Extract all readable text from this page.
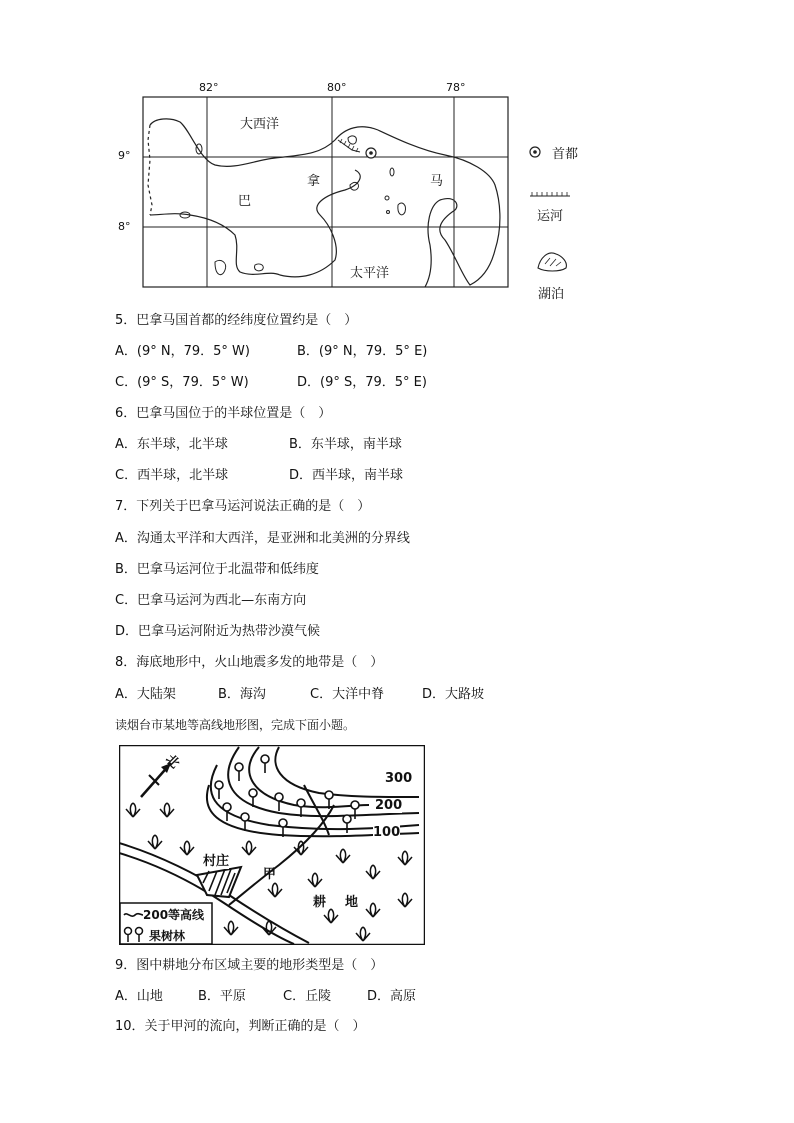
82°	80°	78°
9°
8°
大西洋
巴
拿	马
太平洋
首都
运河
湖泊
5．巴拿马国首都的经纬度位置约是（　）
A．(9° N，79．5° W)	B．(9° N，79．5° E)
C．(9° S，79．5° W)	D．(9° S，79．5° E)
6．巴拿马国位于的半球位置是（　）
A．东半球，北半球	B．东半球，南半球
C．西半球，北半球	D．西半球，南半球
7．下列关于巴拿马运河说法正确的是（　）
A．沟通太平洋和大西洋，是亚洲和北美洲的分界线
B．巴拿马运河位于北温带和低纬度
C．巴拿马运河为西北—东南方向
D．巴拿马运河附近为热带沙漠气候
8．海底地形中，火山地震多发的地带是（　）
A．大陆架	B．海沟	C．大洋中脊	D．大路坡
读烟台市某地等高线地形图，完成下面小题。
北
300
200
100
村庄
甲
耕 地
200等高线
果树林
9．图中耕地分布区域主要的地形类型是（　）
A．山地	B．平原	C．丘陵	D．高原
10．关于甲河的流向，判断正确的是（　）
